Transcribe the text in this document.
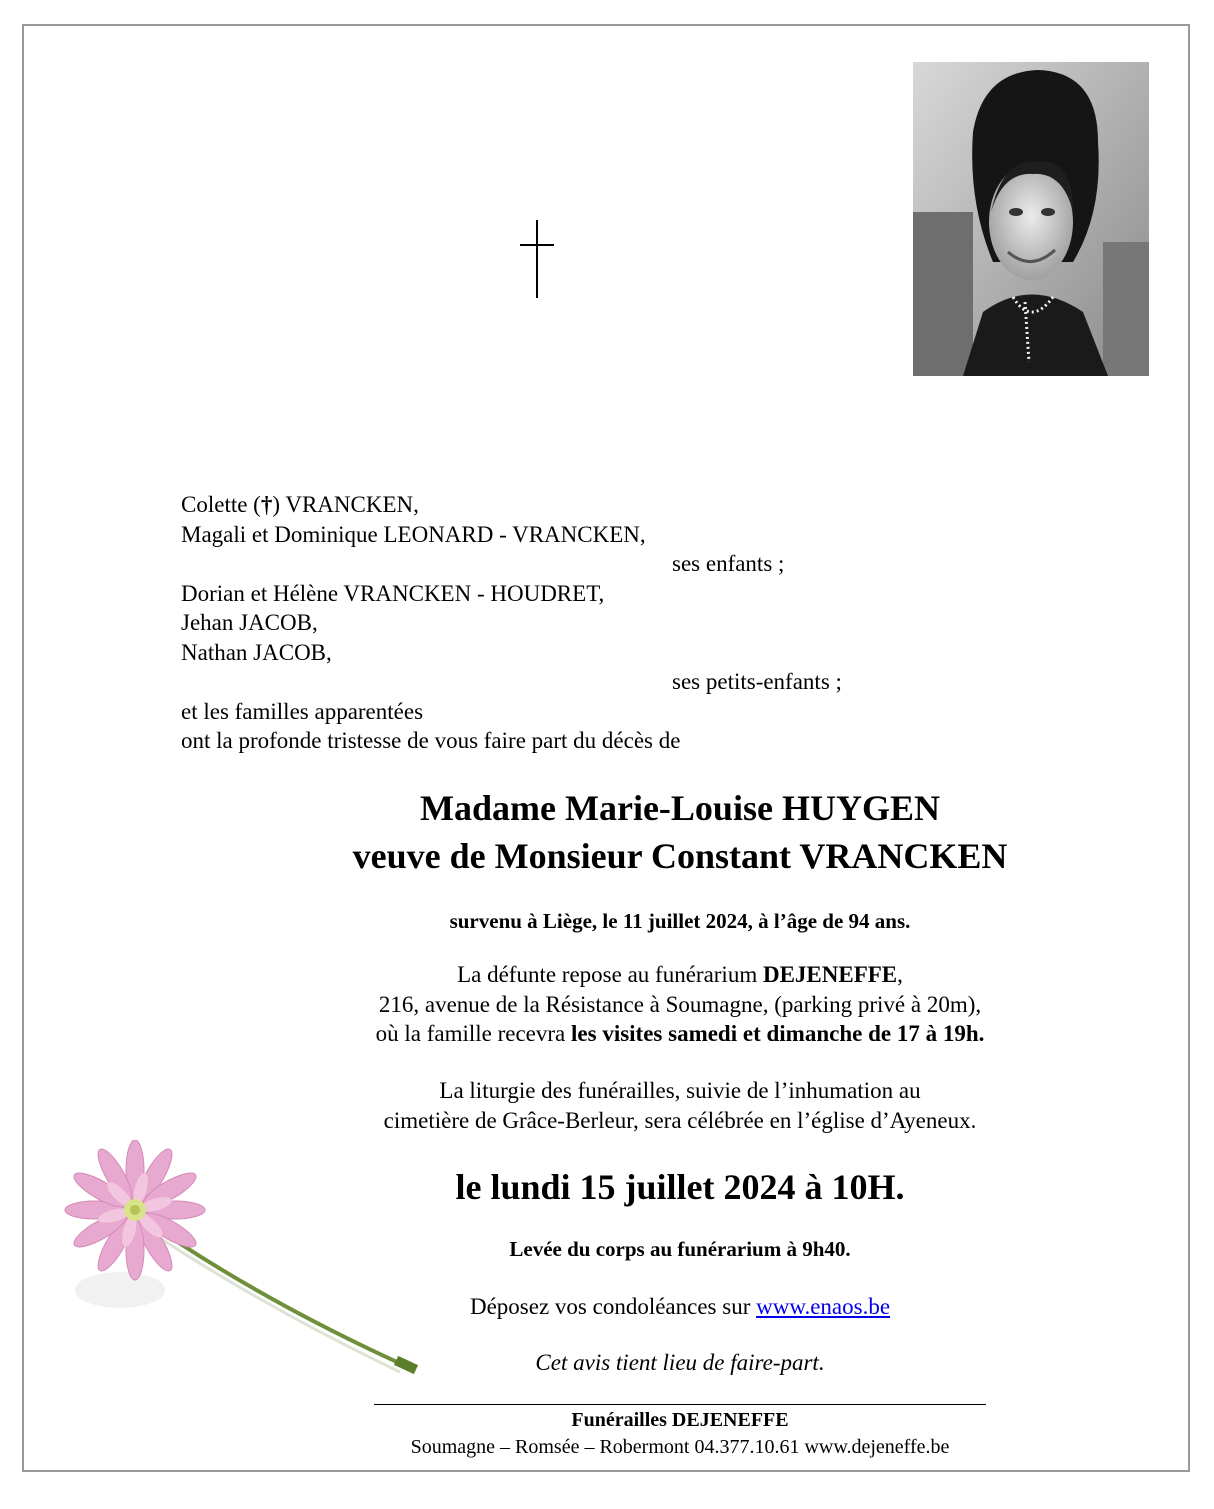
Colette (†) VRANCKEN,
Magali et Dominique LEONARD - VRANCKEN,
ses enfants ;
Dorian et Hélène VRANCKEN - HOUDRET,
Jehan JACOB,
Nathan JACOB,
ses petits-enfants ;
et les familles apparentées
ont la profonde tristesse de vous faire part du décès de
Madame Marie-Louise HUYGEN
veuve de Monsieur Constant VRANCKEN
survenu à Liège, le 11 juillet 2024, à l’âge de 94 ans.
La défunte repose au funérarium DEJENEFFE,
216, avenue de la Résistance à Soumagne, (parking privé à 20m),
où la famille recevra les visites samedi et dimanche de 17 à 19h.
La liturgie des funérailles, suivie de l’inhumation au
cimetière de Grâce-Berleur, sera célébrée en l’église d’Ayeneux.
le lundi 15 juillet 2024 à 10H.
Levée du corps au funérarium à 9h40.
Déposez vos condoléances sur www.enaos.be
Cet avis tient lieu de faire-part.
Funérailles DEJENEFFE
Soumagne – Romsée – Robermont 04.377.10.61 www.dejeneffe.be
